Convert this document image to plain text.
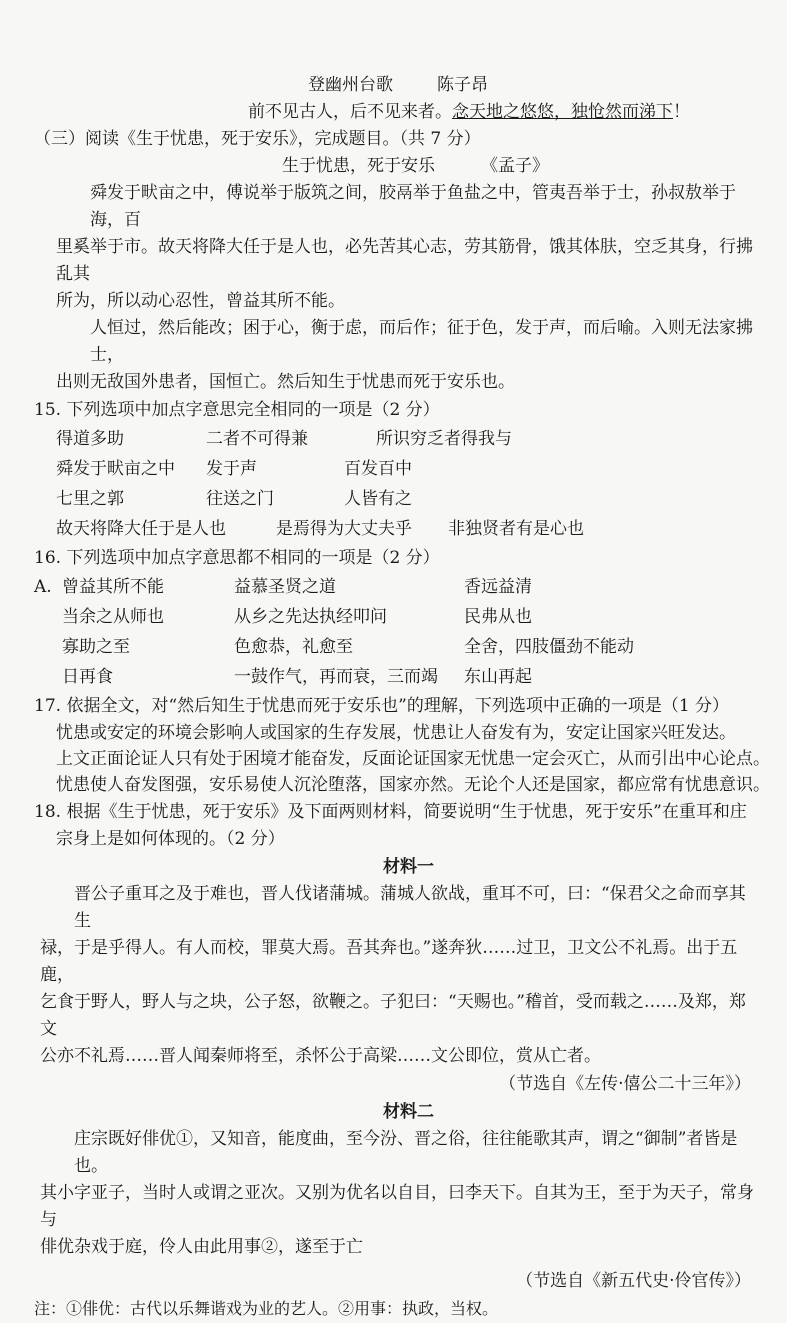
登幽州台歌	陈子昂
前不见古人，后不见来者。念天地之悠悠，独怆然而涕下！
（三）阅读《生于忧患，死于安乐》，完成题目。（共 7 分）
生于忧患，死于安乐	《孟子》
舜发于畎亩之中，傅说举于版筑之间，胶鬲举于鱼盐之中，管夷吾举于士，孙叔敖举于海，百
里奚举于市。故天将降大任于是人也，必先苦其心志，劳其筋骨，饿其体肤，空乏其身，行拂乱其
所为，所以动心忍性，曾益其所不能。
人恒过，然后能改；困于心，衡于虑，而后作；征于色，发于声，而后喻。入则无法家拂士，
出则无敌国外患者，国恒亡。然后知生于忧患而死于安乐也。
15. 下列选项中加点字意思完全相同的一项是（2 分）
得道多助	二者不可得兼	所识穷乏者得我与
舜发于畎亩之中	发于声	百发百中
七里之郭	往送之门	人皆有之
故天将降大任于是人也	是焉得为大丈夫乎	非独贤者有是心也
16. 下列选项中加点字意思都不相同的一项是（2 分）
A. 曾益其所不能	益慕圣贤之道	香远益清
当余之从师也	从乡之先达执经叩问	民弗从也
寡助之至	色愈恭，礼愈至	全舍，四肢僵劲不能动
日再食	一鼓作气，再而衰，三而竭	东山再起
17. 依据全文，对“然后知生于忧患而死于安乐也”的理解，下列选项中正确的一项是（1 分）
忧患或安定的环境会影响人或国家的生存发展，忧患让人奋发有为，安定让国家兴旺发达。
上文正面论证人只有处于困境才能奋发，反面论证国家无忧患一定会灭亡，从而引出中心论点。
忧患使人奋发图强，安乐易使人沉沦堕落，国家亦然。无论个人还是国家，都应常有忧患意识。
18. 根据《生于忧患，死于安乐》及下面两则材料，简要说明“生于忧患，死于安乐”在重耳和庄
宗身上是如何体现的。（2 分）
材料一
晋公子重耳之及于难也，晋人伐诸蒲城。蒲城人欲战，重耳不可，曰：“保君父之命而享其生
禄，于是乎得人。有人而校，罪莫大焉。吾其奔也。”遂奔狄……过卫，卫文公不礼焉。出于五鹿，
乞食于野人，野人与之块，公子怒，欲鞭之。子犯曰：“天赐也。”稽首，受而载之……及郑，郑文
公亦不礼焉……晋人闻秦师将至，杀怀公于高梁……文公即位，赏从亡者。
（节选自《左传·僖公二十三年》）
材料二
庄宗既好俳优①，又知音，能度曲，至今汾、晋之俗，往往能歌其声，谓之“御制”者皆是也。
其小字亚子，当时人或谓之亚次。又别为优名以自目，曰李天下。自其为王，至于为天子，常身与
俳优杂戏于庭，伶人由此用事②，遂至于亡
（节选自《新五代史·伶官传》）
注：①俳优：古代以乐舞谐戏为业的艺人。②用事：执政，当权。
